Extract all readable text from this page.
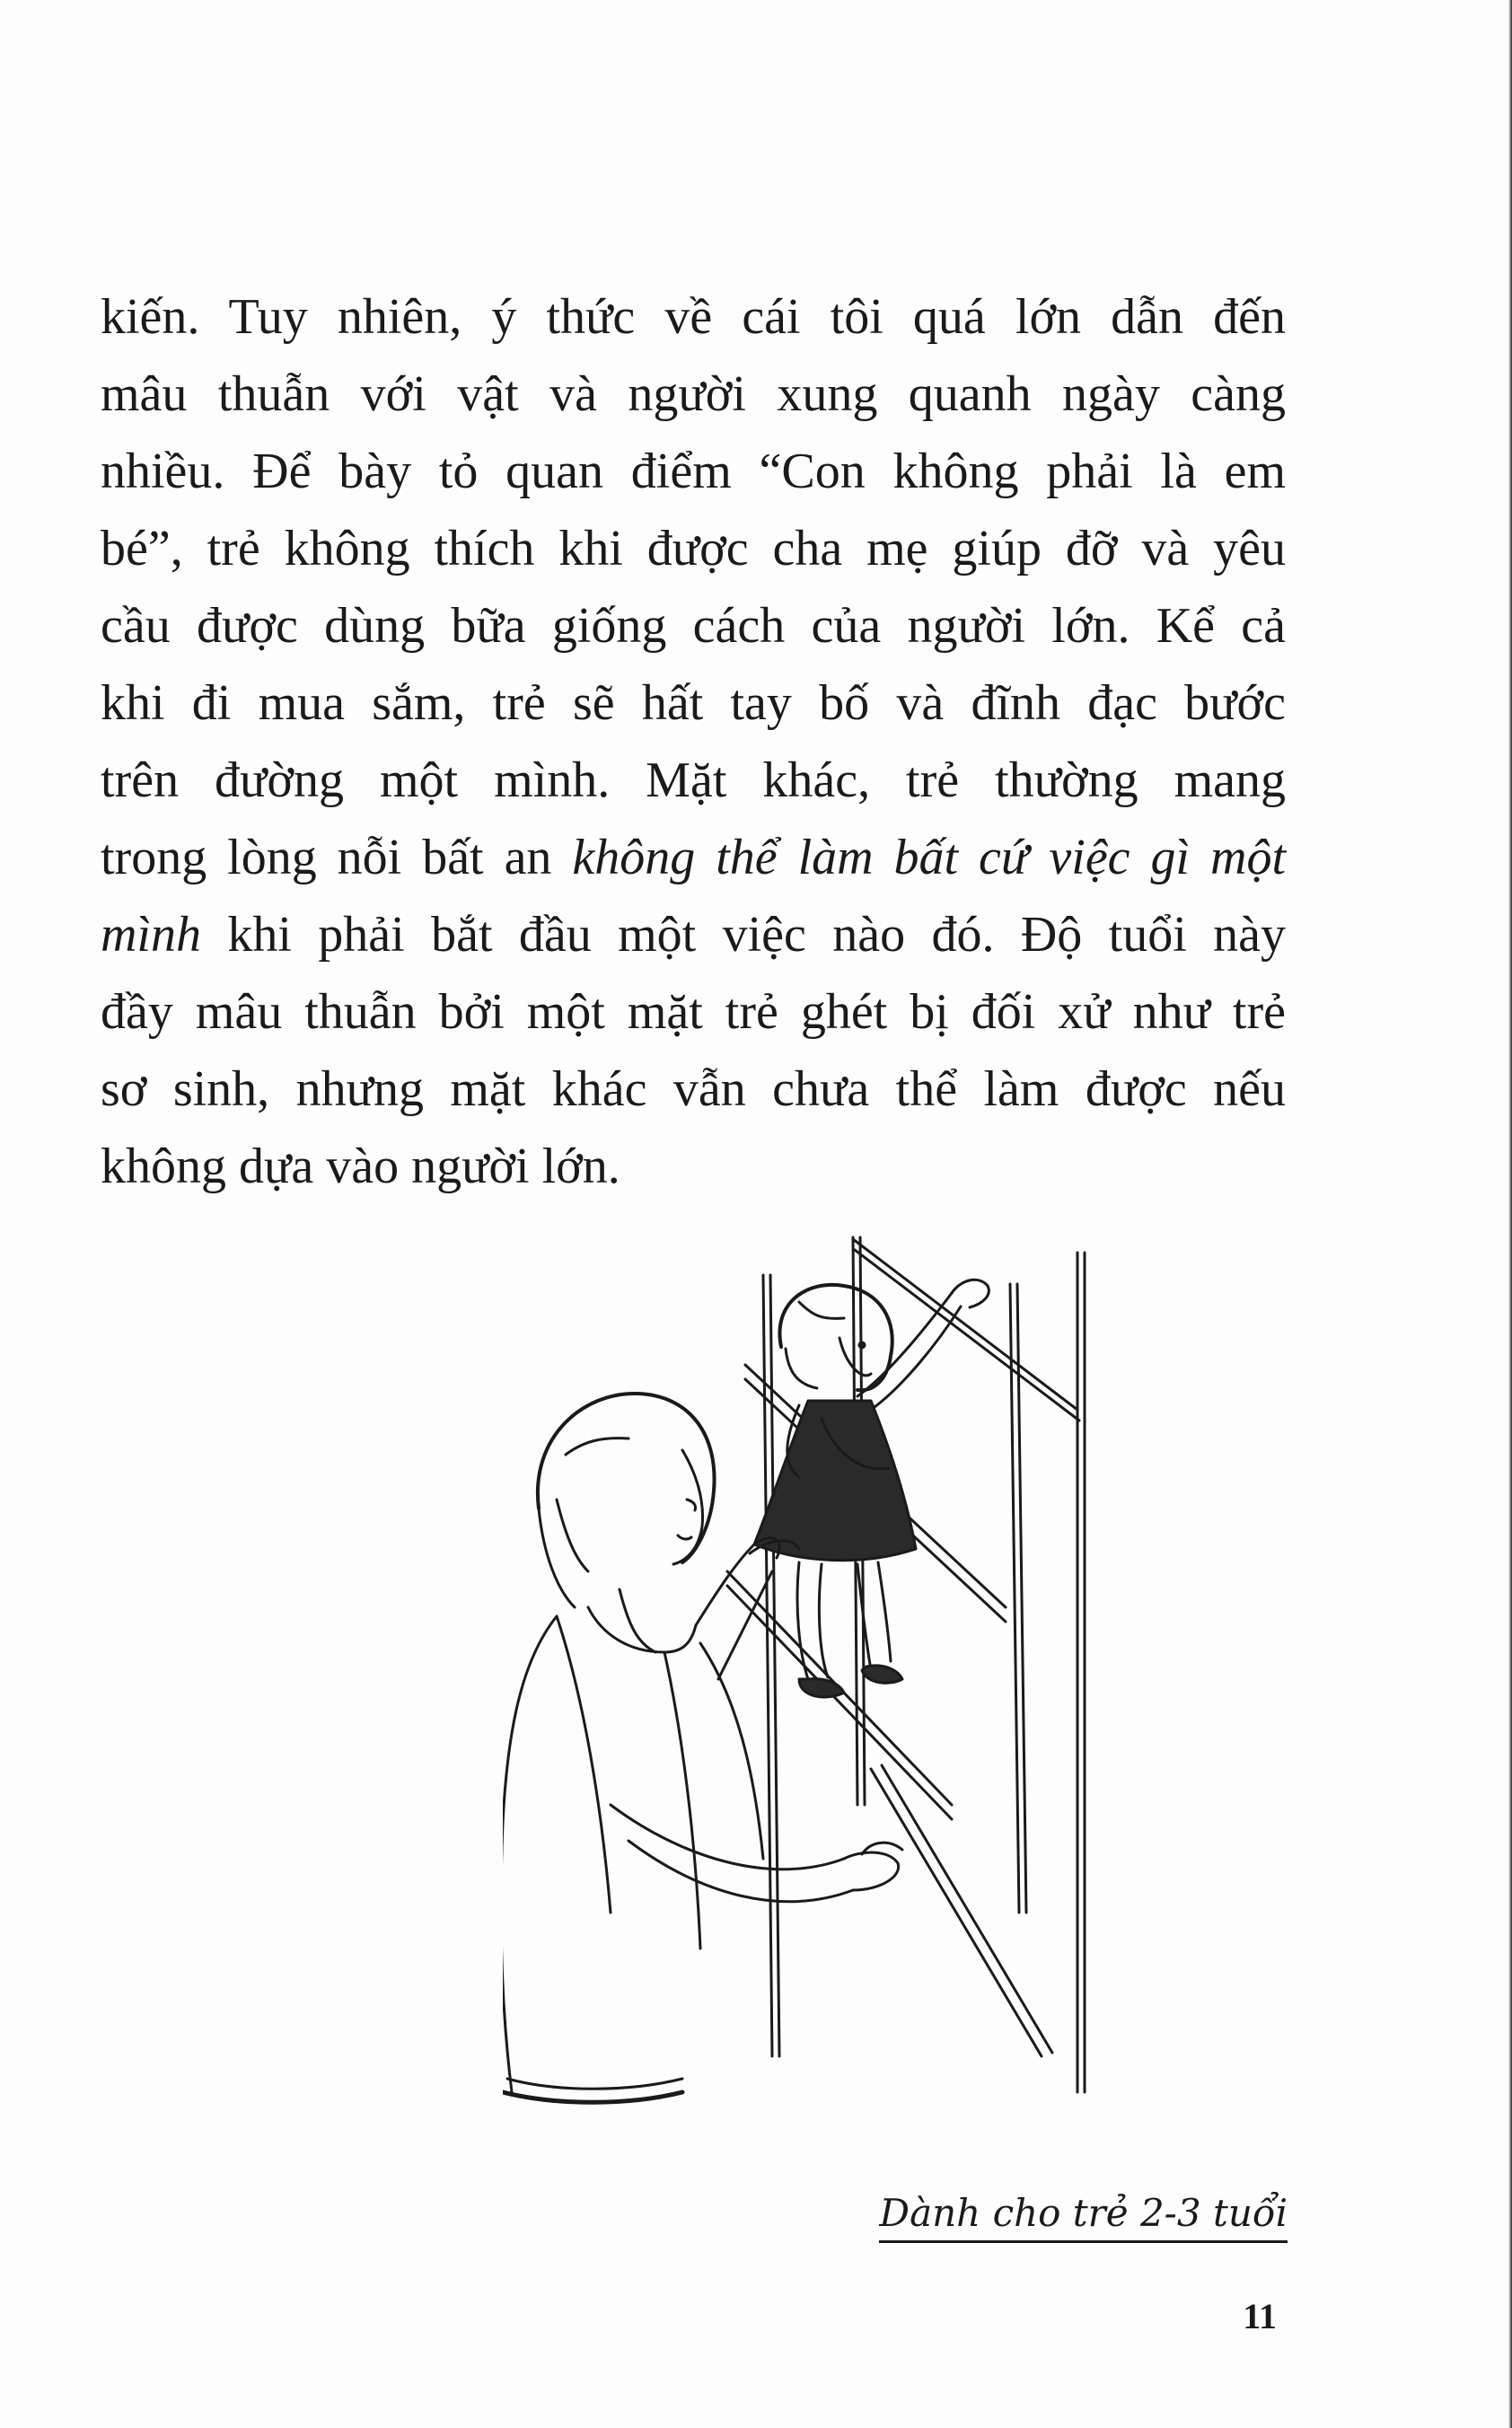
kiến. Tuy nhiên, ý thức về cái tôi quá lớn dẫn đến
mâu thuẫn với vật và người xung quanh ngày càng
nhiều. Để bày tỏ quan điểm “Con không phải là em
bé”, trẻ không thích khi được cha mẹ giúp đỡ và yêu
cầu được dùng bữa giống cách của người lớn. Kể cả
khi đi mua sắm, trẻ sẽ hất tay bố và đĩnh đạc bước
trên đường một mình. Mặt khác, trẻ thường mang
trong lòng nỗi bất an không thể làm bất cứ việc gì một
mình khi phải bắt đầu một việc nào đó. Độ tuổi này
đầy mâu thuẫn bởi một mặt trẻ ghét bị đối xử như trẻ
sơ sinh, nhưng mặt khác vẫn chưa thể làm được nếu
không dựa vào người lớn.
Dành cho trẻ 2-3 tuổi
11
